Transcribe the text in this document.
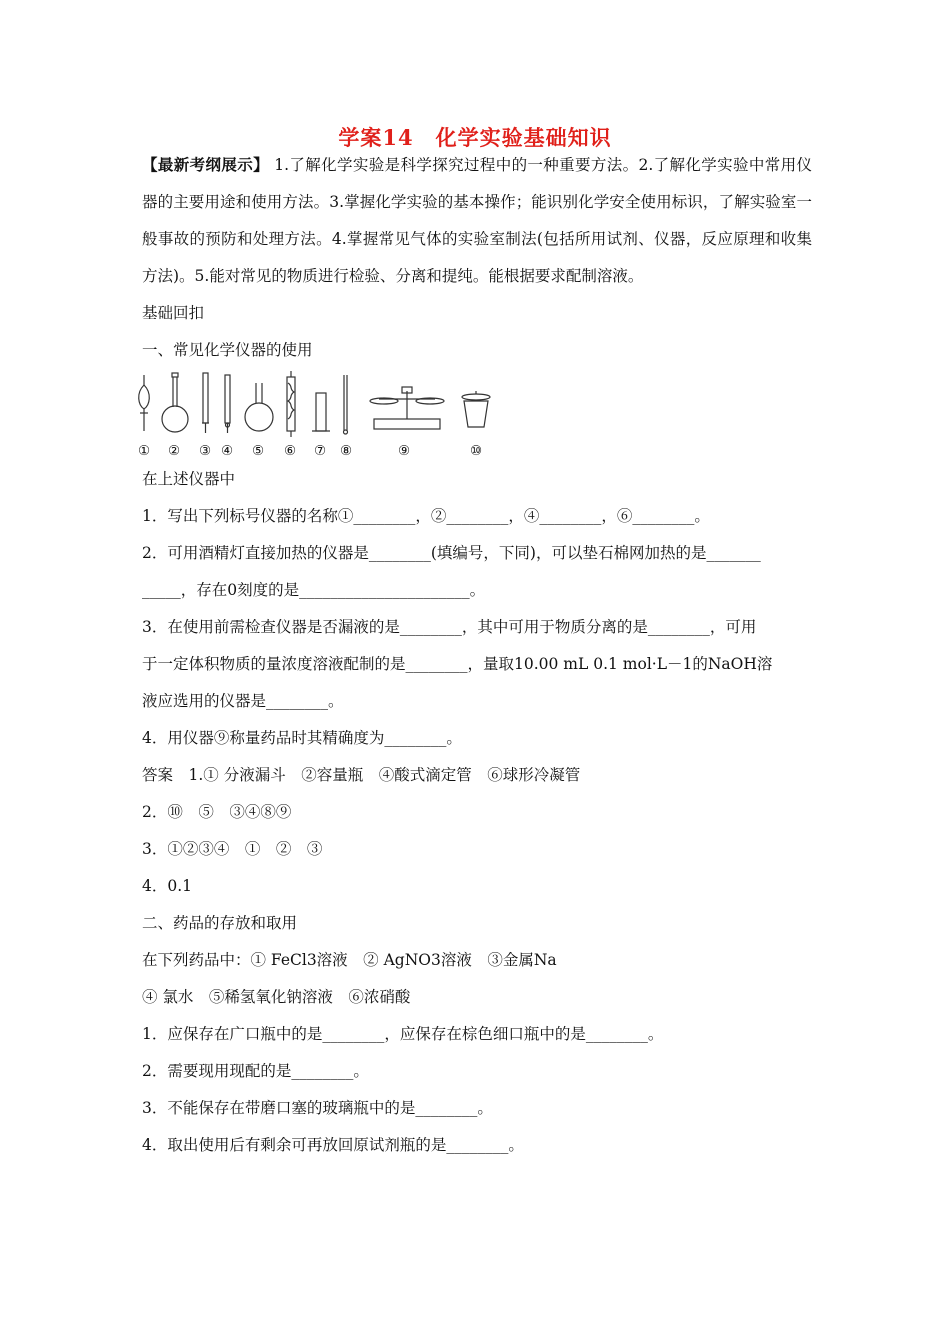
学案14　化学实验基础知识

【最新考纲展示】 1.了解化学实验是科学探究过程中的一种重要方法。2.了解化学实验中常用仪器的主要用途和使用方法。3.掌握化学实验的基本操作；能识别化学安全使用标识，了解实验室一般事故的预防和处理方法。4.掌握常见气体的实验室制法(包括所用试剂、仪器，反应原理和收集方法)。5.能对常见的物质进行检验、分离和提纯。能根据要求配制溶液。

基础回扣

一、常见化学仪器的使用

① ② ③ ④ ⑤ ⑥ ⑦ ⑧	⑨	⑩

在上述仪器中

1．写出下列标号仪器的名称①________，②________，④________，⑥________。

2．可用酒精灯直接加热的仪器是________(填编号，下同)，可以垫石棉网加热的是_______

_____，存在0刻度的是______________________。

3．在使用前需检查仪器是否漏液的是________，其中可用于物质分离的是________，可用

于一定体积物质的量浓度溶液配制的是________，量取10.00 mL 0.1 mol·L－1的NaOH溶

液应选用的仪器是________。

4．用仪器⑨称量药品时其精确度为________。

答案　1.① 分液漏斗　②容量瓶　④酸式滴定管　⑥球形冷凝管

2．⑩　⑤　③④⑧⑨

3．①②③④　①　②　③

4．0.1

二、药品的存放和取用

在下列药品中：① FeCl3溶液　② AgNO3溶液　③金属Na

④ 氯水　⑤稀氢氧化钠溶液　⑥浓硝酸

1．应保存在广口瓶中的是________，应保存在棕色细口瓶中的是________。

2．需要现用现配的是________。

3．不能保存在带磨口塞的玻璃瓶中的是________。

4．取出使用后有剩余可再放回原试剂瓶的是________。
